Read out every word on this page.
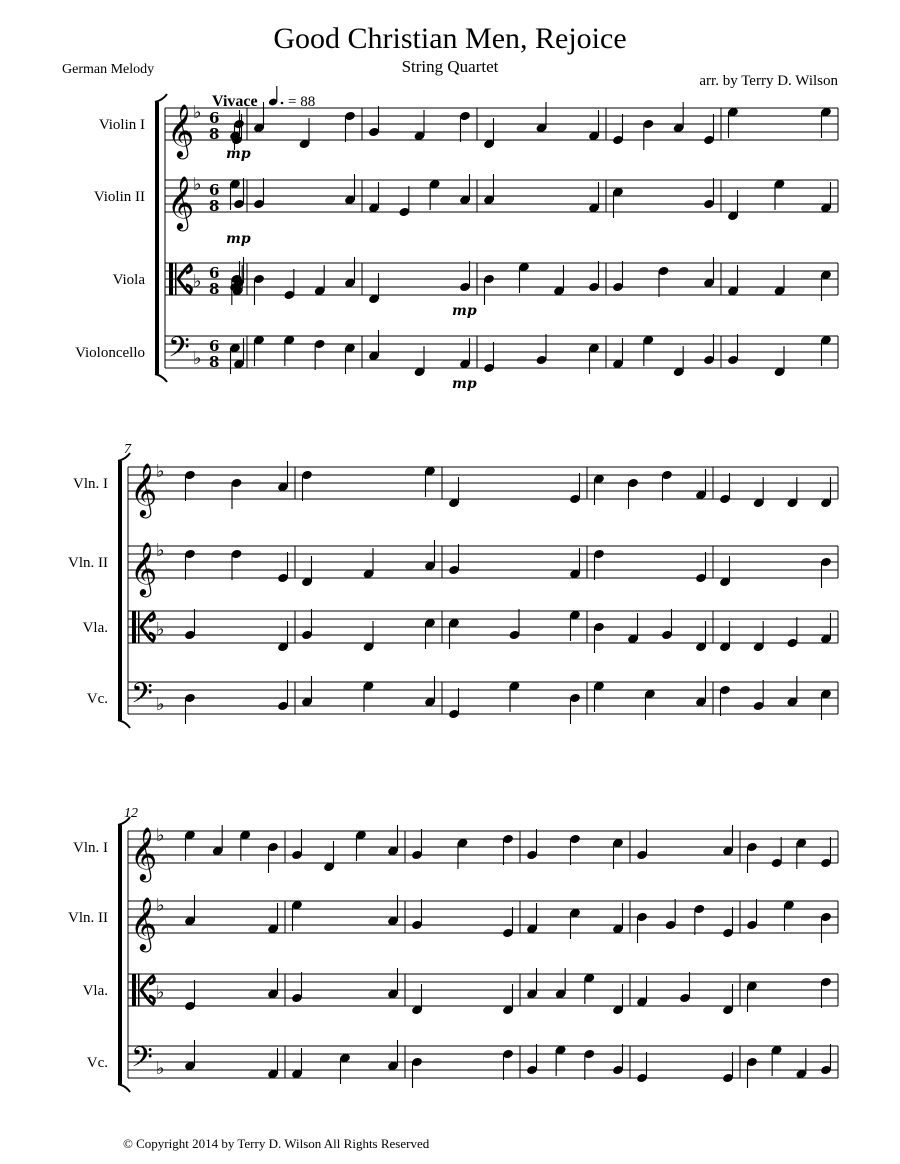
Good Christian Men, Rejoice
String Quartet
German Melody
arr. by Terry D. Wilson
𝄞
♭ 6
8
Violin I
𝄞
♭ 6
8
Violin II
♭ 6
8
Viola
𝄢 ♭
6
8
Violoncello
𝄞
♭
Vln. I
𝄞
♭
Vln. II
♭
Vla.
𝄢 ♭
Vc.
7
𝄞
♭
Vln. I
𝄞
♭
Vln. II
♭
Vla.
𝄢 ♭
Vc.
12
Vivace = 88
mp
mp
mp
mp
© Copyright 2014 by Terry D. Wilson All Rights Reserved
